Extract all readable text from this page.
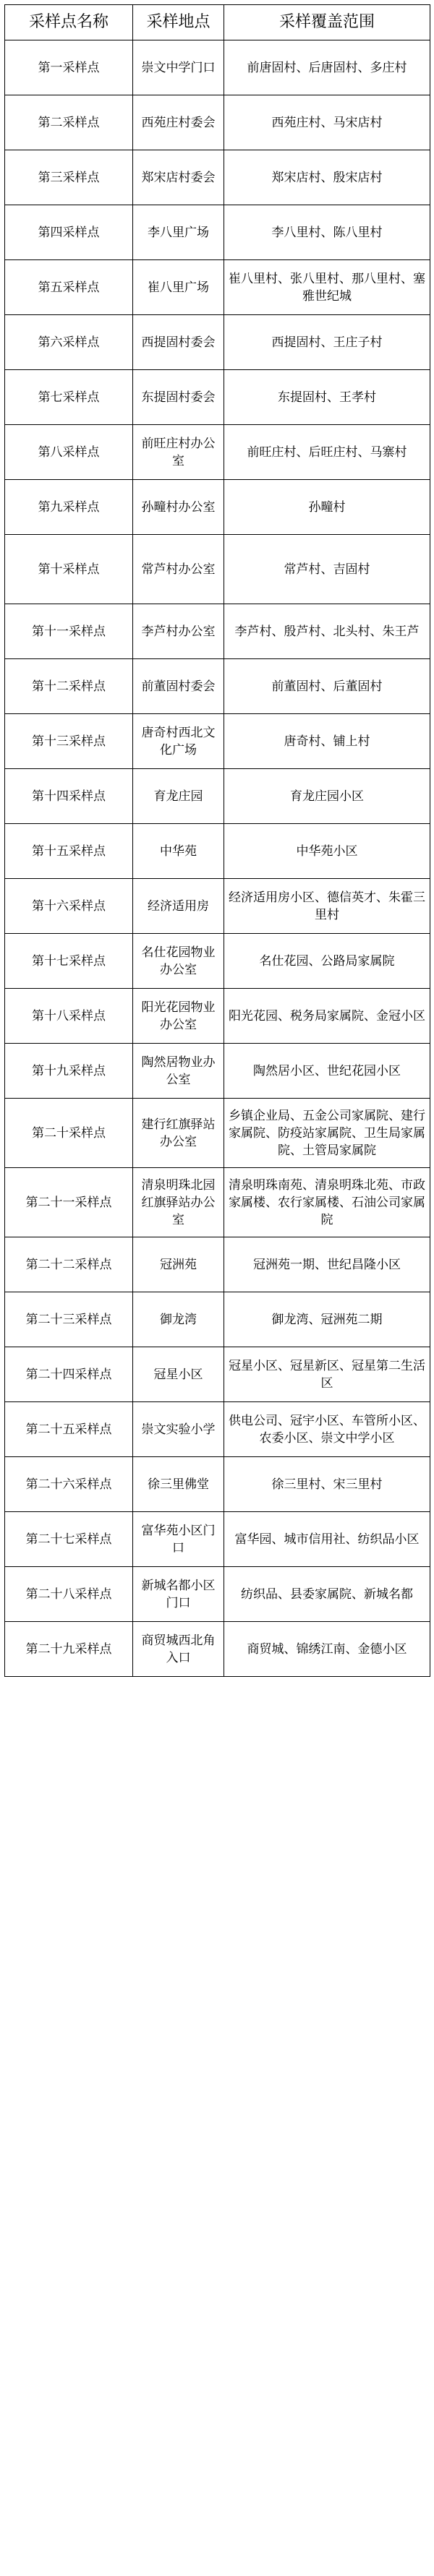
采样点名称	采样地点	采样覆盖范围
第一采样点	崇文中学门口	前唐固村、后唐固村、多庄村
第二采样点	西苑庄村委会	西苑庄村、马宋店村
第三采样点	郑宋店村委会	郑宋店村、殷宋店村
第四采样点	李八里广场	李八里村、陈八里村
第五采样点	崔八里广场	崔八里村、张八里村、那八里村、塞雅世纪城
第六采样点	西提固村委会	西提固村、王庄子村
第七采样点	东提固村委会	东提固村、王孝村
第八采样点	前旺庄村办公室	前旺庄村、后旺庄村、马寨村
第九采样点	孙疃村办公室	孙疃村
第十采样点	常芦村办公室	常芦村、吉固村
第十一采样点	李芦村办公室	李芦村、殷芦村、北头村、朱王芦
第十二采样点	前董固村委会	前董固村、后董固村
第十三采样点	唐奇村西北文化广场	唐奇村、铺上村
第十四采样点	育龙庄园	育龙庄园小区
第十五采样点	中华苑	中华苑小区
第十六采样点	经济适用房	经济适用房小区、德信英才、朱霍三里村
第十七采样点	名仕花园物业办公室	名仕花园、公路局家属院
第十八采样点	阳光花园物业办公室	阳光花园、税务局家属院、金冠小区
第十九采样点	陶然居物业办公室	陶然居小区、世纪花园小区
第二十采样点	建行红旗驿站办公室	乡镇企业局、五金公司家属院、建行家属院、防疫站家属院、卫生局家属院、土管局家属院
第二十一采样点	清泉明珠北园红旗驿站办公室	清泉明珠南苑、清泉明珠北苑、市政家属楼、农行家属楼、石油公司家属院
第二十二采样点	冠洲苑	冠洲苑一期、世纪昌隆小区
第二十三采样点	御龙湾	御龙湾、冠洲苑二期
第二十四采样点	冠星小区	冠星小区、冠星新区、冠星第二生活区
第二十五采样点	崇文实验小学	供电公司、冠宇小区、车管所小区、农委小区、崇文中学小区
第二十六采样点	徐三里佛堂	徐三里村、宋三里村
第二十七采样点	富华苑小区门口	富华园、城市信用社、纺织品小区
第二十八采样点	新城名都小区门口	纺织品、县委家属院、新城名都
第二十九采样点	商贸城西北角入口	商贸城、锦绣江南、金德小区
